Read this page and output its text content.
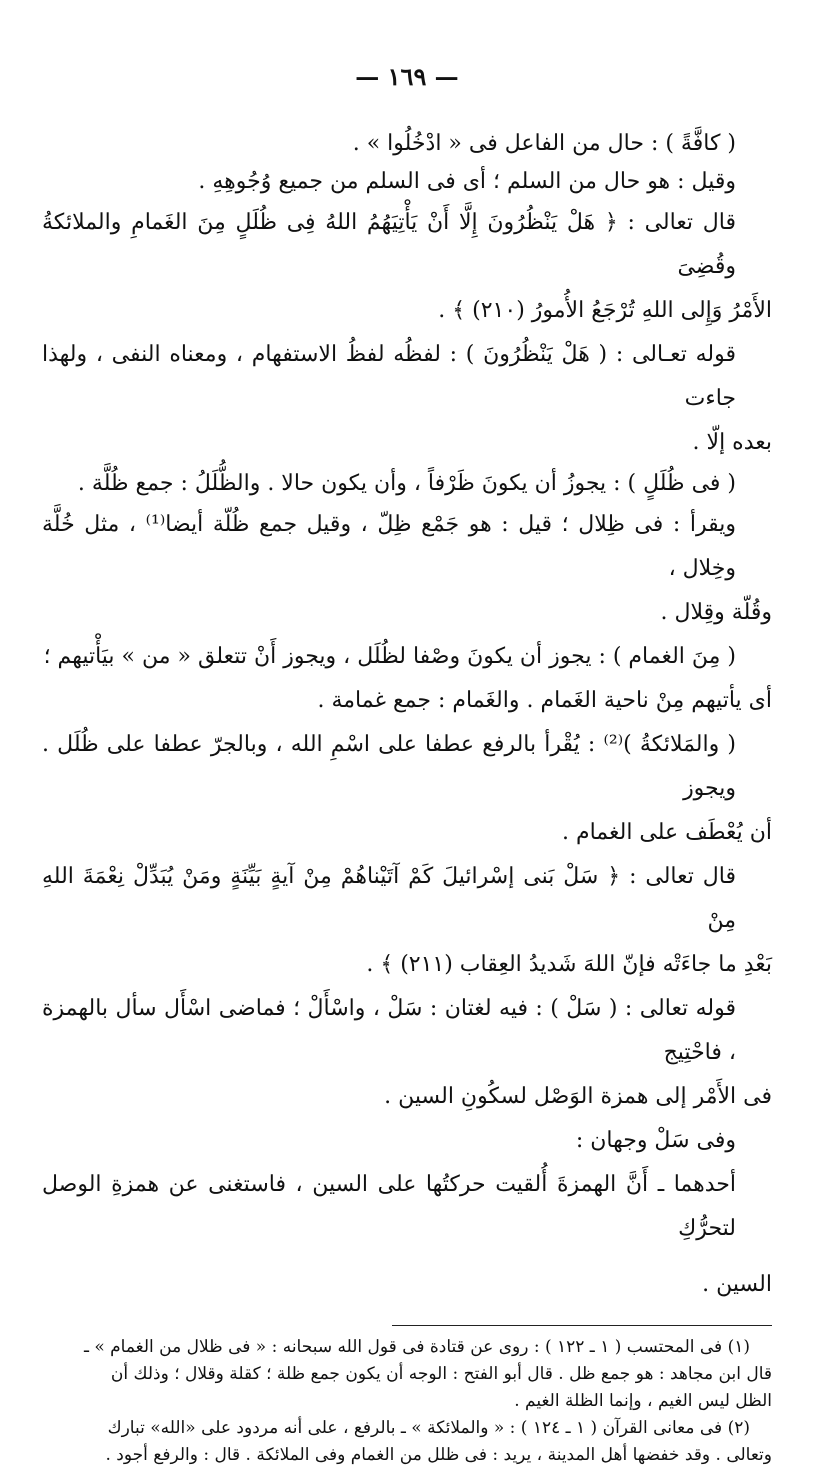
— ١٦٩ —

( كافَّةً ) : حال من الفاعل فى « ادْخُلُوا » .

وقيل : هو حال من السلم ؛ أى فى السلم من جميع وُجُوهِهِ .

قال تعالى : ﴿ هَلْ يَنْظُرُونَ إِلَّا أَنْ يَأْتِيَهُمُ اللهُ فِى ظُلَلٍ مِنَ الغَمامِ والملائكةُ وقُضِىَ

الأَمْرُ وَإِلى اللهِ تُرْجَعُ الأُمورُ (٢١٠) ﴾ .

قوله تعـالى : ( هَلْ يَنْظُرُونَ ) : لفظُه لفظُ الاستفهام ، ومعناه النفى ، ولهذا جاءت

بعده إلّا .

( فى ظُلَلٍ ) : يجوزُ أن يكونَ ظَرْفاً ، وأن يكون حالا . والظُّلَلُ : جمع ظُلَّة .

ويقرأ : فى ظِلال ؛ قيل : هو جَمْع ظِلّ ، وقيل جمع ظُلّة أيضا⁽¹⁾ ، مثل خُلَّة وخِلال ،

وقُلّة وقِلال .

( مِنَ الغمام ) : يجوز أن يكونَ وصْفا لظُلَل ، ويجوز أَنْ تتعلق « من » بيَأْتيهم ؛

أى يأتيهم مِنْ ناحية الغَمام . والغَمام : جمع غمامة .

( والمَلائكةُ )⁽²⁾ : يُقْرأ بالرفع عطفا على اسْمِ الله ، وبالجرّ عطفا على ظُلَل . ويجوز

أن يُعْطَف على الغمام .

قال تعالى : ﴿ سَلْ بَنى إسْرائيلَ كَمْ آتَيْناهُمْ مِنْ آيةٍ بَيِّنَةٍ ومَنْ يُبَدِّلْ نِعْمَةَ اللهِ مِنْ

بَعْدِ ما جاءَتْه فإنّ اللهَ شَديدُ العِقاب (٢١١) ﴾ .

قوله تعالى : ( سَلْ ) : فيه لغتان : سَلْ ، واسْأَلْ ؛ فماضى اسْأَل سأل بالهمزة ، فاحْتِيج

فى الأَمْر إلى همزة الوَصْل لسكُونِ السين .

وفى سَلْ وجهان :

أحدهما ـ أَنَّ الهمزةَ أُلقيت حركتُها على السين ، فاستغنى عن همزةِ الوصل لتحرُّكِ

السين .

(١) فى المحتسب ( ١ ـ ١٢٢ ) : روى عن قتادة فى قول الله سبحانه : « فى ظلال من الغمام » ـ

قال ابن مجاهد : هو جمع ظل . قال أبو الفتح : الوجه أن يكون جمع ظلة ؛ كقلة وقلال ؛ وذلك أن

الظل ليس الغيم ، وإنما الظلة الغيم .

(٢) فى معانى القرآن ( ١ ـ ١٢٤ ) : « والملائكة » ـ بالرفع ، على أنه مردود على «الله» تبارك

وتعالى . وقد خفضها أهل المدينة ، يريد : فى ظلل من الغمام وفى الملائكة . قال : والرفع أجود .
